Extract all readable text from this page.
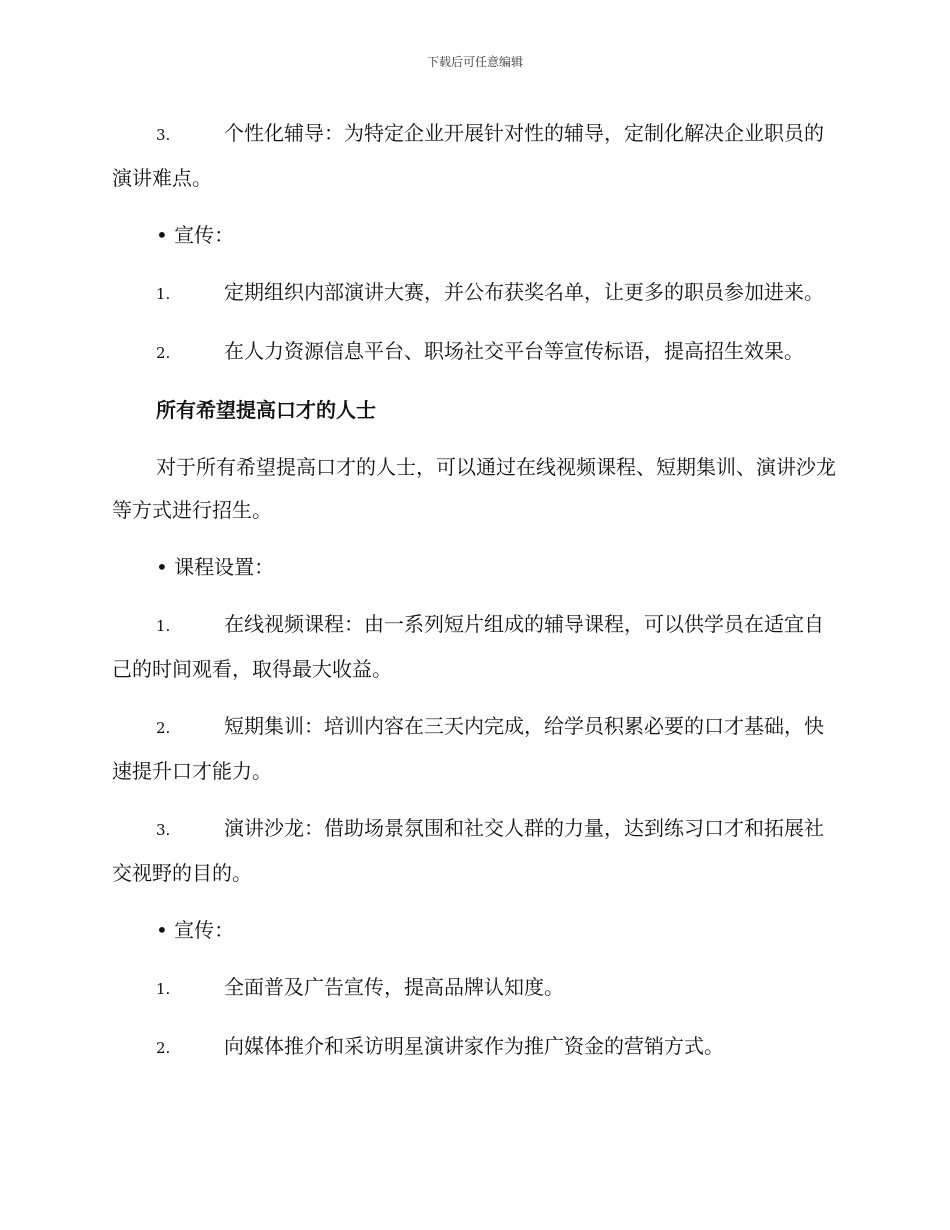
下载后可任意编辑

3.	个性化辅导：为特定企业开展针对性的辅导，定制化解决企业职员的演讲难点。

• 宣传：

1.	定期组织内部演讲大赛，并公布获奖名单，让更多的职员参加进来。

2.	在人力资源信息平台、职场社交平台等宣传标语，提高招生效果。

所有希望提高口才的人士

对于所有希望提高口才的人士，可以通过在线视频课程、短期集训、演讲沙龙等方式进行招生。

• 课程设置：

1.	在线视频课程：由一系列短片组成的辅导课程，可以供学员在适宜自己的时间观看，取得最大收益。

2.	短期集训：培训内容在三天内完成，给学员积累必要的口才基础，快速提升口才能力。

3.	演讲沙龙：借助场景氛围和社交人群的力量，达到练习口才和拓展社交视野的目的。

• 宣传：

1.	全面普及广告宣传，提高品牌认知度。

2.	向媒体推介和采访明星演讲家作为推广资金的营销方式。
